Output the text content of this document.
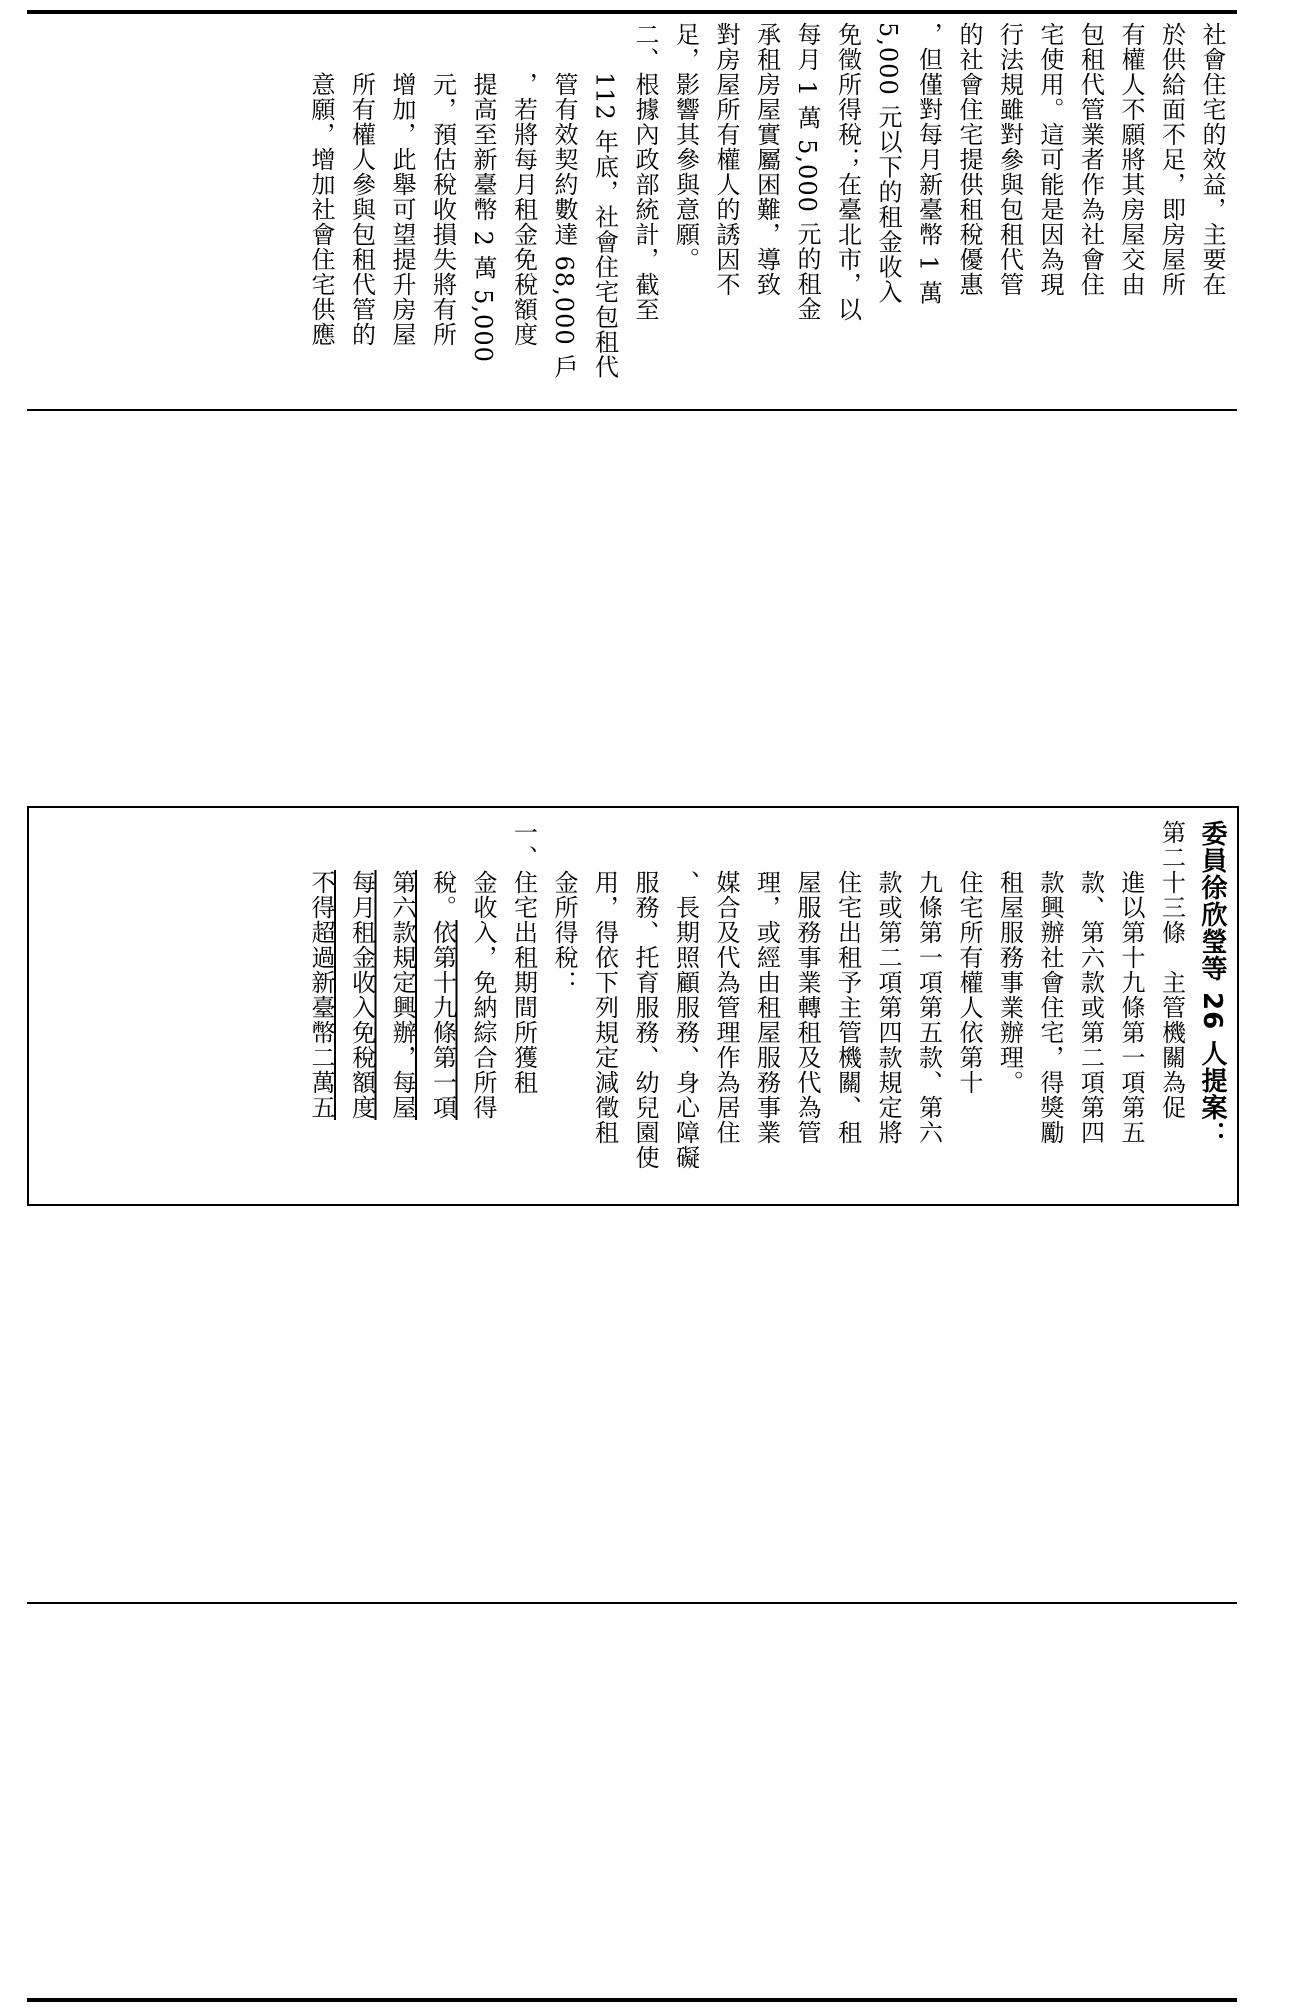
社會住宅的效益，主要在

於供給面不足，即房屋所

有權人不願將其房屋交由

包租代管業者作為社會住

宅使用。這可能是因為現

行法規雖對參與包租代管

的社會住宅提供租稅優惠

，但僅對每月新臺幣 1 萬

5,000 元以下的租金收入

免徵所得稅；在臺北市，以

每月 1 萬 5,000 元的租金

承租房屋實屬困難，導致

對房屋所有權人的誘因不

足，影響其參與意願。

二、根據內政部統計，截至

　　112 年底，社會住宅包租代

　　管有效契約數達 68,000 戶

　　，若將每月租金免稅額度

　　提高至新臺幣 2 萬 5,000

　　元，預估稅收損失將有所

　　增加，此舉可望提升房屋

　　所有權人參與包租代管的

　　意願，增加社會住宅供應

委員徐欣瑩等 26 人提案：

第二十三條　主管機關為促

　　進以第十九條第一項第五

　　款、第六款或第二項第四

　　款興辦社會住宅，得獎勵

　　租屋服務事業辦理。

　　住宅所有權人依第十

　　九條第一項第五款、第六

　　款或第二項第四款規定將

　　住宅出租予主管機關、租

　　屋服務事業轉租及代為管

　　理，或經由租屋服務事業

　　媒合及代為管理作為居住

　　、長期照顧服務、身心障礙

　　服務、托育服務、幼兒園使

　　用，得依下列規定減徵租

　　金所得稅：

一、住宅出租期間所獲租

　　金收入，免納綜合所得

　　稅。依第十九條第一項

　　第六款規定興辦，每屋

　　每月租金收入免稅額度

　　不得超過新臺幣二萬五
